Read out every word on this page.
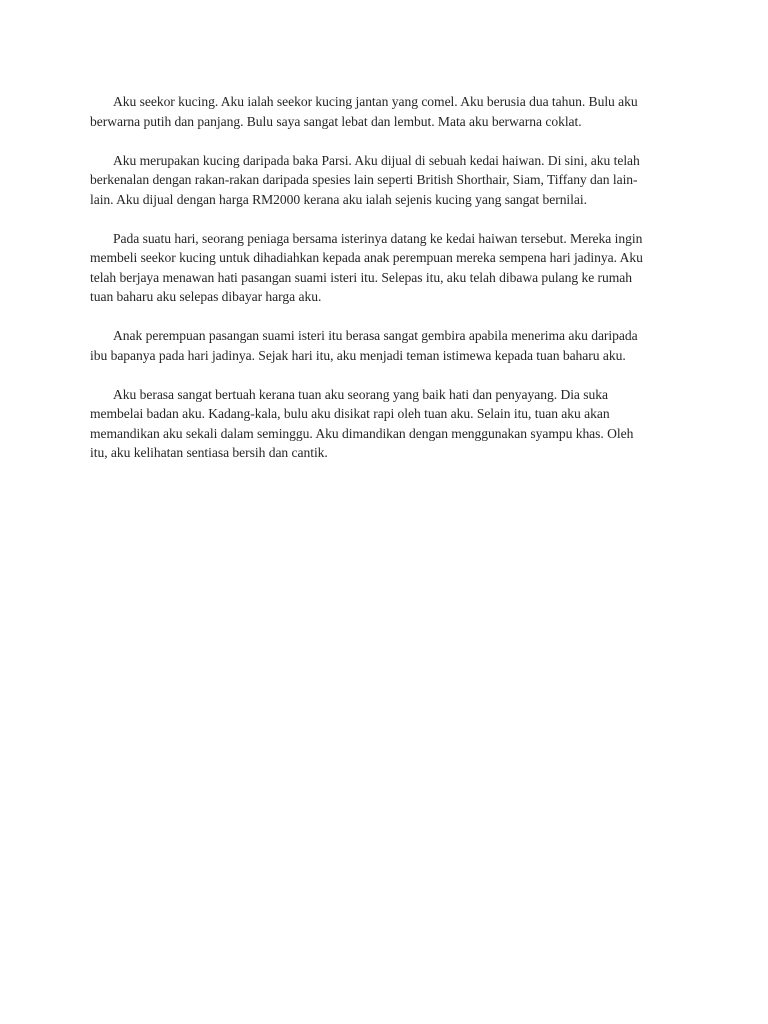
Aku seekor kucing. Aku ialah seekor kucing jantan yang comel. Aku berusia dua tahun. Bulu aku berwarna putih dan panjang. Bulu saya sangat lebat dan lembut. Mata aku berwarna coklat.

Aku merupakan kucing daripada baka Parsi. Aku dijual di sebuah kedai haiwan. Di sini, aku telah berkenalan dengan rakan-rakan daripada spesies lain seperti British Shorthair, Siam, Tiffany dan lain-lain. Aku dijual dengan harga RM2000 kerana aku ialah sejenis kucing yang sangat bernilai.

Pada suatu hari, seorang peniaga bersama isterinya datang ke kedai haiwan tersebut. Mereka ingin membeli seekor kucing untuk dihadiahkan kepada anak perempuan mereka sempena hari jadinya. Aku telah berjaya menawan hati pasangan suami isteri itu. Selepas itu, aku telah dibawa pulang ke rumah tuan baharu aku selepas dibayar harga aku.

Anak perempuan pasangan suami isteri itu berasa sangat gembira apabila menerima aku daripada ibu bapanya pada hari jadinya. Sejak hari itu, aku menjadi teman istimewa kepada tuan baharu aku.

Aku berasa sangat bertuah kerana tuan aku seorang yang baik hati dan penyayang. Dia suka membelai badan aku. Kadang-kala, bulu aku disikat rapi oleh tuan aku. Selain itu, tuan aku akan memandikan aku sekali dalam seminggu. Aku dimandikan dengan menggunakan syampu khas. Oleh itu, aku kelihatan sentiasa bersih dan cantik.
